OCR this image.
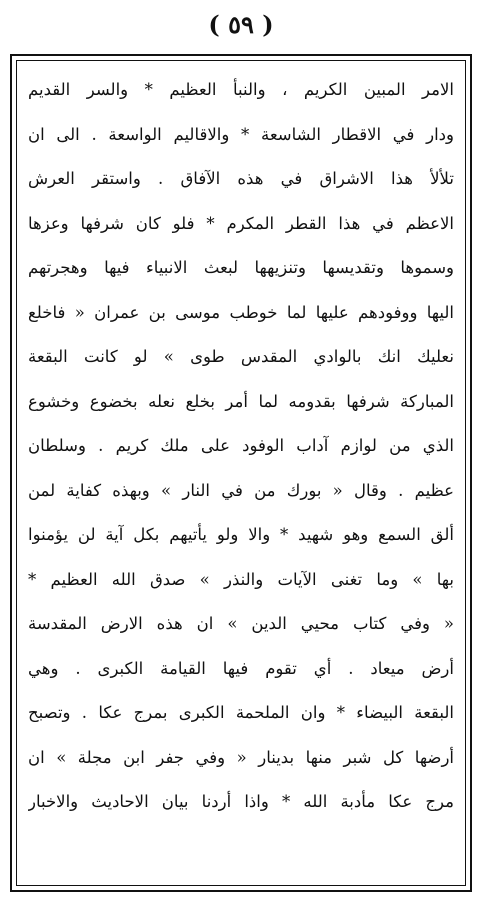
( ٥٩ )
الامر المبين الكريم ، والنبأ العظيم * والسر القديم
ودار في الاقطار الشاسعة * والاقاليم الواسعة . الى ان
تلألأ هذا الاشراق في هذه الآفاق . واستقر العرش
الاعظم في هذا القطر المكرم * فلو كان شرفها وعزها
وسموها وتقديسها وتنزيهها لبعث الانبياء فيها وهجرتهم
اليها ووفودهم عليها لما خوطب موسى بن عمران « فاخلع
نعليك انك بالوادي المقدس طوى » لو كانت البقعة
المباركة شرفها بقدومه لما أمر بخلع نعله بخضوع وخشوع
الذي من لوازم آداب الوفود على ملك كريم . وسلطان
عظيم . وقال « بورك من في النار » وبهذه كفاية لمن
ألق السمع وهو شهيد * والا ولو يأتيهم بكل آية لن يؤمنوا
بها » وما تغنى الآيات والنذر » صدق الله العظيم *
« وفي كتاب محيي الدين » ان هذه الارض المقدسة
أرض ميعاد . أي تقوم فيها القيامة الكبرى . وهي
البقعة البيضاء * وان الملحمة الكبرى بمرج عكا . وتصبح
أرضها كل شبر منها بدينار « وفي جفر ابن مجلة » ان
مرج عكا مأدبة الله * واذا أردنا بيان الاحاديث والاخبار
